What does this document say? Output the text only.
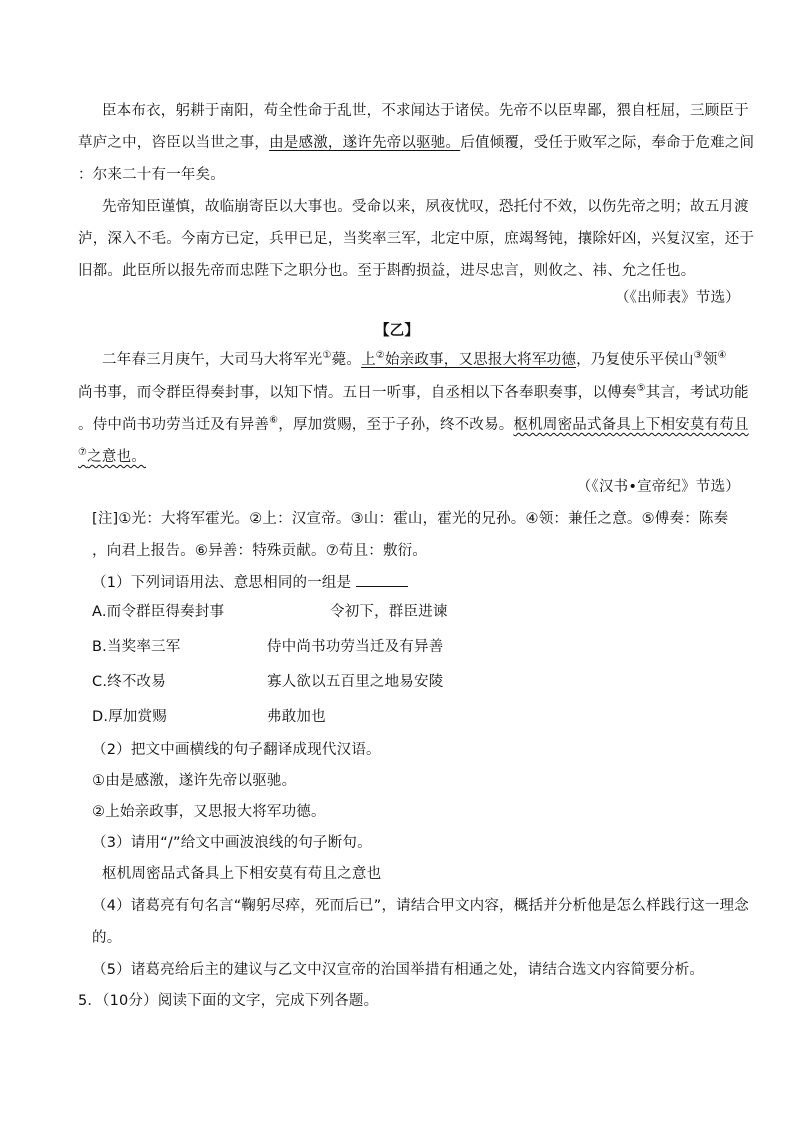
臣本布衣，躬耕于南阳，苟全性命于乱世，不求闻达于诸侯。先帝不以臣卑鄙，猥自枉屈，三顾臣于
草庐之中，咨臣以当世之事，由是感激，遂许先帝以驱驰。后值倾覆，受任于败军之际，奉命于危难之间
：尔来二十有一年矣。
先帝知臣谨慎，故临崩寄臣以大事也。受命以来，夙夜忧叹，恐托付不效，以伤先帝之明；故五月渡
泸，深入不毛。今南方已定，兵甲已足，当奖率三军，北定中原，庶竭驽钝，攘除奸凶，兴复汉室，还于
旧都。此臣所以报先帝而忠陛下之职分也。至于斟酌损益，进尽忠言，则攸之、祎、允之任也。
（《出师表》节选）
【乙】
二年春三月庚午，大司马大将军光①薨。上②始亲政事，又思报大将军功德，乃复使乐平侯山③领④
尚书事，而令群臣得奏封事，以知下情。五日一听事，自丞相以下各奉职奏事，以傅奏⑤其言，考试功能
。侍中尚书功劳当迁及有异善⑥，厚加赏赐，至于子孙，终不改易。枢机周密品式备具上下相安莫有苟且
⑦之意也。
（《汉书•宣帝纪》节选）
[注]①光：大将军霍光。②上：汉宣帝。③山：霍山，霍光的兄孙。④领：兼任之意。⑤傅奏：陈奏
，向君上报告。⑥异善：特殊贡献。⑦苟且：敷衍。
（1）下列词语用法、意思相同的一组是
A.而令群臣得奏封事	令初下，群臣进谏
B.当奖率三军	侍中尚书功劳当迁及有异善
C.终不改易	寡人欲以五百里之地易安陵
D.厚加赏赐	弗敢加也
（2）把文中画横线的句子翻译成现代汉语。
①由是感激，遂许先帝以驱驰。
②上始亲政事，又思报大将军功德。
（3）请用“/”给文中画波浪线的句子断句。
枢机周密品式备具上下相安莫有苟且之意也
（4）诸葛亮有句名言“鞠躬尽瘁，死而后已”，请结合甲文内容，概括并分析他是怎么样践行这一理念
的。
（5）诸葛亮给后主的建议与乙文中汉宣帝的治国举措有相通之处，请结合选文内容简要分析。
5．（10分）阅读下面的文字，完成下列各题。
